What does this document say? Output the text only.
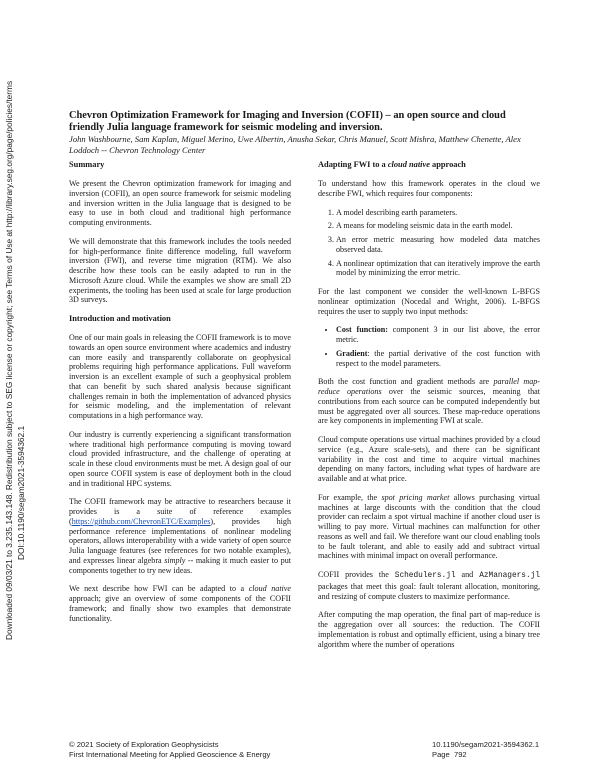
Downloaded 09/03/21 to 3.235.143.148. Redistribution subject to SEG license or copyright; see Terms of Use at http://library.seg.org/page/policies/terms DOI:10.1190/segam2021-3594362.1
Chevron Optimization Framework for Imaging and Inversion (COFII) – an open source and cloud friendly Julia language framework for seismic modeling and inversion.
John Washbourne, Sam Kaplan, Miguel Merino, Uwe Albertin, Anusha Sekar, Chris Manuel, Scott Mishra, Matthew Chenette, Alex Loddoch -- Chevron Technology Center
Summary

We present the Chevron optimization framework for imaging and inversion (COFII), an open source framework for seismic modeling and inversion written in the Julia language that is designed to be easy to use in both cloud and traditional high performance computing environments.

We will demonstrate that this framework includes the tools needed for high-performance finite difference modeling, full waveform inversion (FWI), and reverse time migration (RTM). We also describe how these tools can be easily adapted to run in the Microsoft Azure cloud. While the examples we show are small 2D experiments, the tooling has been used at scale for large production 3D surveys.

Introduction and motivation

One of our main goals in releasing the COFII framework is to move towards an open source environment where academics and industry can more easily and transparently collaborate on geophysical problems requiring high performance applications. Full waveform inversion is an excellent example of such a geophysical problem that can benefit by such shared analysis because significant challenges remain in both the implementation of advanced physics for seismic modeling, and the implementation of relevant computations in a high performance way.

Our industry is currently experiencing a significant transformation where traditional high performance computing is moving toward cloud provided infrastructure, and the challenge of operating at scale in these cloud environments must be met. A design goal of our open source COFII system is ease of deployment both in the cloud and in traditional HPC systems.

The COFII framework may be attractive to researchers because it provides is a suite of reference examples (https://github.com/ChevronETC/Examples), provides high performance reference implementations of nonlinear modeling operators, allows interoperability with a wide variety of open source Julia language features (see references for two notable examples), and expresses linear algebra simply -- making it much easier to put components together to try new ideas.

We next describe how FWI can be adapted to a cloud native approach; give an overview of some components of the COFII framework; and finally show two examples that demonstrate functionality.

Adapting FWI to a cloud native approach

To understand how this framework operates in the cloud we describe FWI, which requires four components:

1. A model describing earth parameters.
2. A means for modeling seismic data in the earth model.
3. An error metric measuring how modeled data matches observed data.
4. A nonlinear optimization that can iteratively improve the earth model by minimizing the error metric.

For the last component we consider the well-known L-BFGS nonlinear optimization (Nocedal and Wright, 2006). L-BFGS requires the user to supply two input methods:

• Cost function: component 3 in our list above, the error metric.
• Gradient: the partial derivative of the cost function with respect to the model parameters.

Both the cost function and gradient methods are parallel map-reduce operations over the seismic sources, meaning that contributions from each source can be computed independently but must be aggregated over all sources. These map-reduce operations are key components in implementing FWI at scale.

Cloud compute operations use virtual machines provided by a cloud service (e.g., Azure scale-sets), and there can be significant variability in the cost and time to acquire virtual machines depending on many factors, including what types of hardware are available and at what price.

For example, the spot pricing market allows purchasing virtual machines at large discounts with the condition that the cloud provider can reclaim a spot virtual machine if another cloud user is willing to pay more. Virtual machines can malfunction for other reasons as well and fail. We therefore want our cloud enabling tools to be fault tolerant, and able to easily add and subtract virtual machines with minimal impact on overall performance.

COFII provides the Schedulers.jl and AzManagers.jl packages that meet this goal: fault tolerant allocation, monitoring, and resizing of compute clusters to maximize performance.

After computing the map operation, the final part of map-reduce is the aggregation over all sources: the reduction. The COFII implementation is robust and optimally efficient, using a binary tree algorithm where the number of operations

© 2021 Society of Exploration Geophysicists
First International Meeting for Applied Geoscience & Energy
10.1190/segam2021-3594362.1
Page 792
